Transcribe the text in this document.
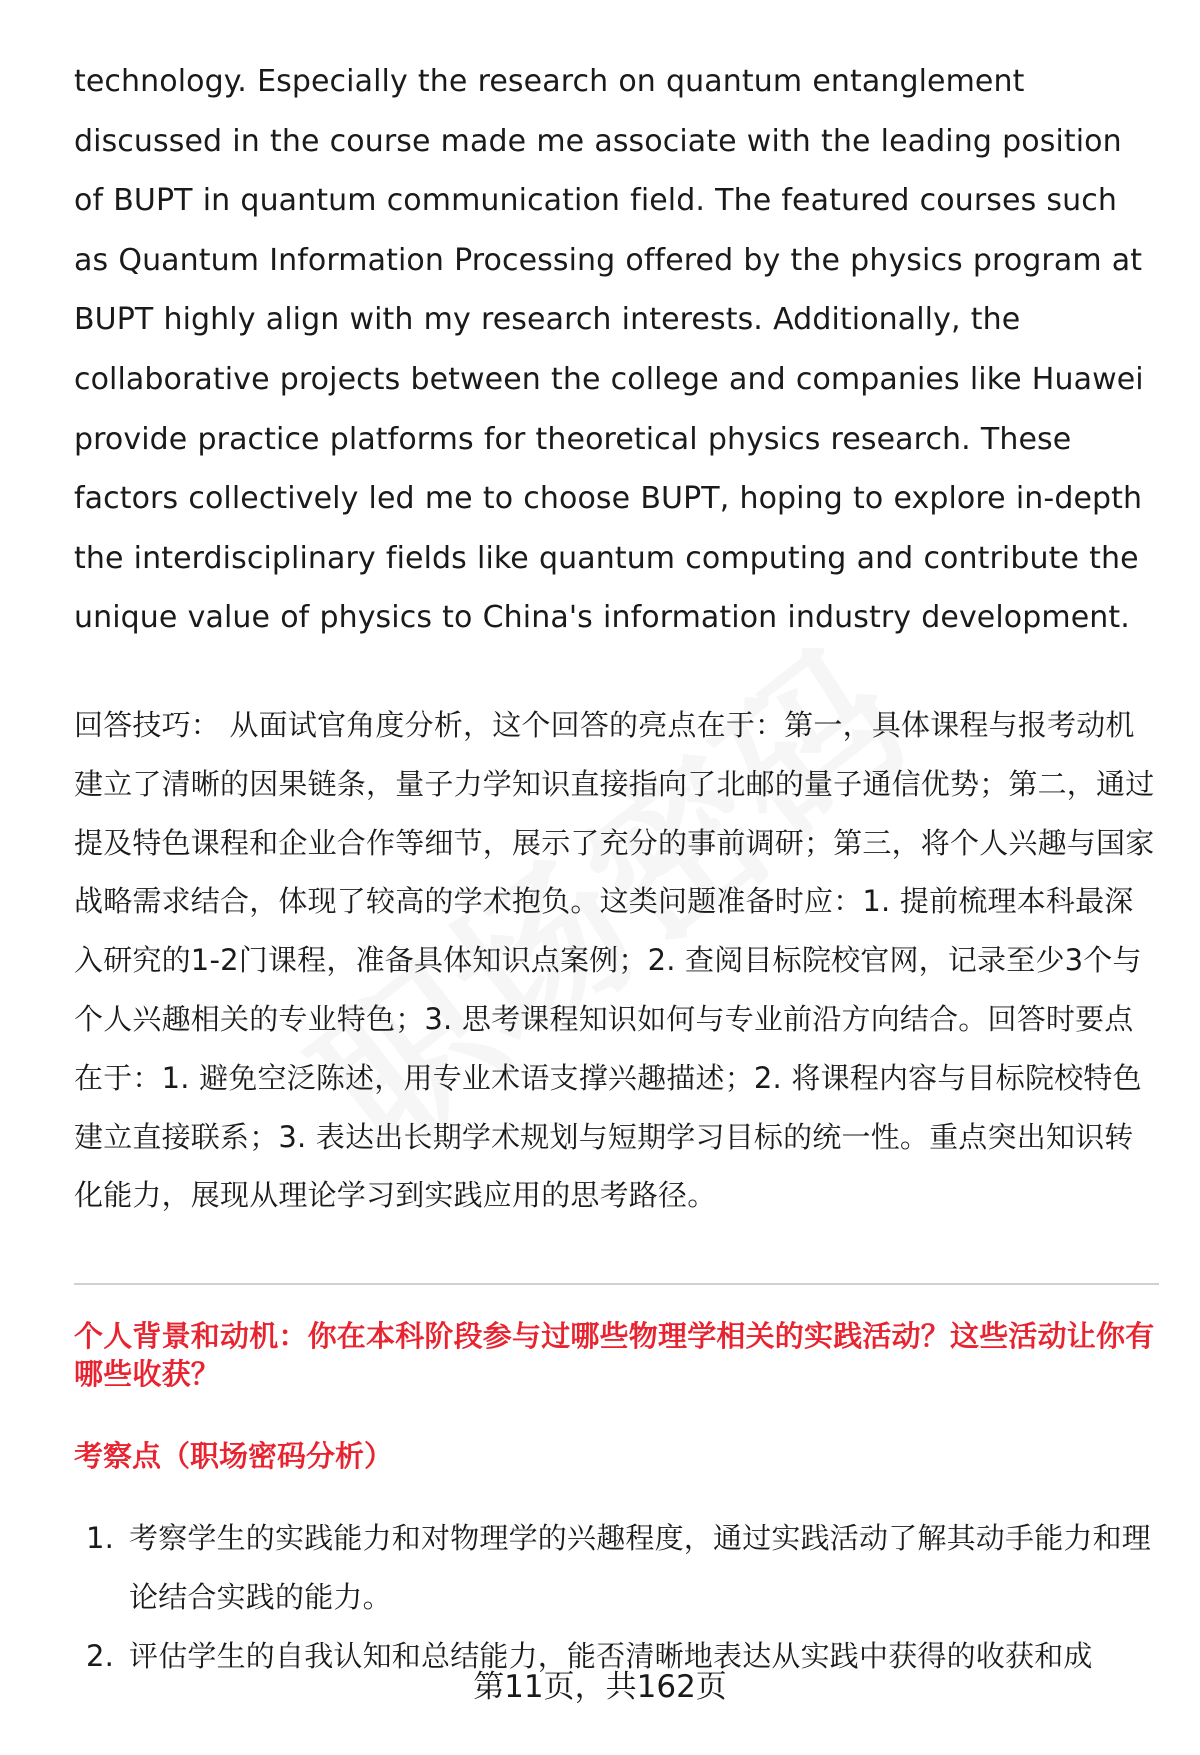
technology. Especially the research on quantum entanglement discussed in the course made me associate with the leading position of BUPT in quantum communication field. The featured courses such as Quantum Information Processing offered by the physics program at BUPT highly align with my research interests. Additionally, the collaborative projects between the college and companies like Huawei provide practice platforms for theoretical physics research. These factors collectively led me to choose BUPT, hoping to explore in-depth the interdisciplinary fields like quantum computing and contribute the unique value of physics to China's information industry development.

回答技巧： 从面试官角度分析，这个回答的亮点在于：第一，具体课程与报考动机建立了清晰的因果链条，量子力学知识直接指向了北邮的量子通信优势；第二，通过提及特色课程和企业合作等细节，展示了充分的事前调研；第三，将个人兴趣与国家战略需求结合，体现了较高的学术抱负。这类问题准备时应：1. 提前梳理本科最深入研究的1-2门课程，准备具体知识点案例；2. 查阅目标院校官网，记录至少3个与个人兴趣相关的专业特色；3. 思考课程知识如何与专业前沿方向结合。回答时要点在于：1. 避免空泛陈述，用专业术语支撑兴趣描述；2. 将课程内容与目标院校特色建立直接联系；3. 表达出长期学术规划与短期学习目标的统一性。重点突出知识转化能力，展现从理论学习到实践应用的思考路径。

个人背景和动机：你在本科阶段参与过哪些物理学相关的实践活动？这些活动让你有哪些收获？

考察点（职场密码分析）

1. 考察学生的实践能力和对物理学的兴趣程度，通过实践活动了解其动手能力和理论结合实践的能力。
2. 评估学生的自我认知和总结能力，能否清晰地表达从实践中获得的收获和成
第11页，共162页
